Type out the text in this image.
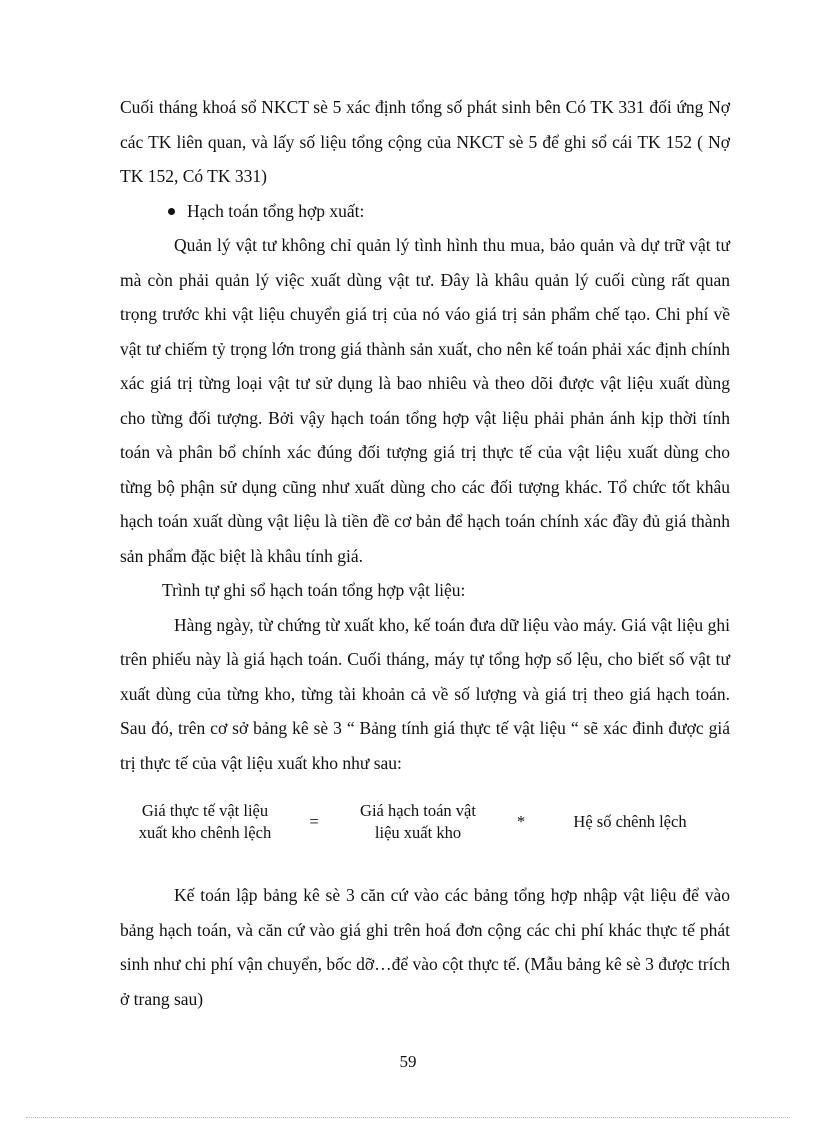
Cuối tháng khoá sổ NKCT sè 5 xác định tổng số phát sinh bên Có TK 331 đối ứng Nợ các TK liên quan, và lấy số liệu tổng cộng của NKCT sè 5 để ghi sổ cái TK 152 ( Nợ TK 152, Có TK 331)

Hạch toán tổng hợp xuất:

Quản lý vật tư không chỉ quản lý tình hình thu mua, bảo quản và dự trữ vật tư mà còn phải quản lý việc xuất dùng vật tư. Đây là khâu quản lý cuối cùng rất quan trọng trước khi vật liệu chuyển giá trị của nó váo giá trị sản phẩm chế tạo. Chi phí về vật tư chiếm tỷ trọng lớn trong giá thành sản xuất, cho nên kế toán phải xác định chính xác giá trị từng loại vật tư sử dụng là bao nhiêu và theo dõi được vật liệu xuất dùng cho từng đối tượng. Bởi vậy hạch toán tổng hợp vật liệu phải phản ánh kịp thời tính toán và phân bổ chính xác đúng đối tượng giá trị thực tế của vật liệu xuất dùng cho từng bộ phận sử dụng cũng như xuất dùng cho các đối tượng khác. Tổ chức tốt khâu hạch toán xuất dùng vật liệu là tiền đề cơ bản để hạch toán chính xác đầy đủ giá thành sản phẩm đặc biệt là khâu tính giá.

Trình tự ghi sổ hạch toán tổng hợp vật liệu:

Hàng ngày, từ chứng từ xuất kho, kế toán đưa dữ liệu vào máy. Giá vật liệu ghi trên phiếu này là giá hạch toán. Cuối tháng, máy tự tổng hợp số lệu, cho biết số vật tư xuất dùng của từng kho, từng tài khoản cả về số lượng và giá trị theo giá hạch toán. Sau đó, trên cơ sở bảng kê sè 3 “ Bảng tính giá thực tế vật liệu “ sẽ xác đinh được giá trị thực tế của vật liệu xuất kho như sau:

Giá thực tế vật liệu
xuất kho chênh lệch
=
Giá hạch toán vật
liệu xuất kho
*	Hệ số chênh lệch

Kế toán lập bảng kê sè 3 căn cứ vào các bảng tổng hợp nhập vật liệu để vào bảng hạch toán, và căn cứ vào giá ghi trên hoá đơn cộng các chi phí khác thực tế phát sinh như chi phí vận chuyển, bốc dỡ…để vào cột thực tế. (Mẫu bảng kê sè 3 được trích ở trang sau)

59
